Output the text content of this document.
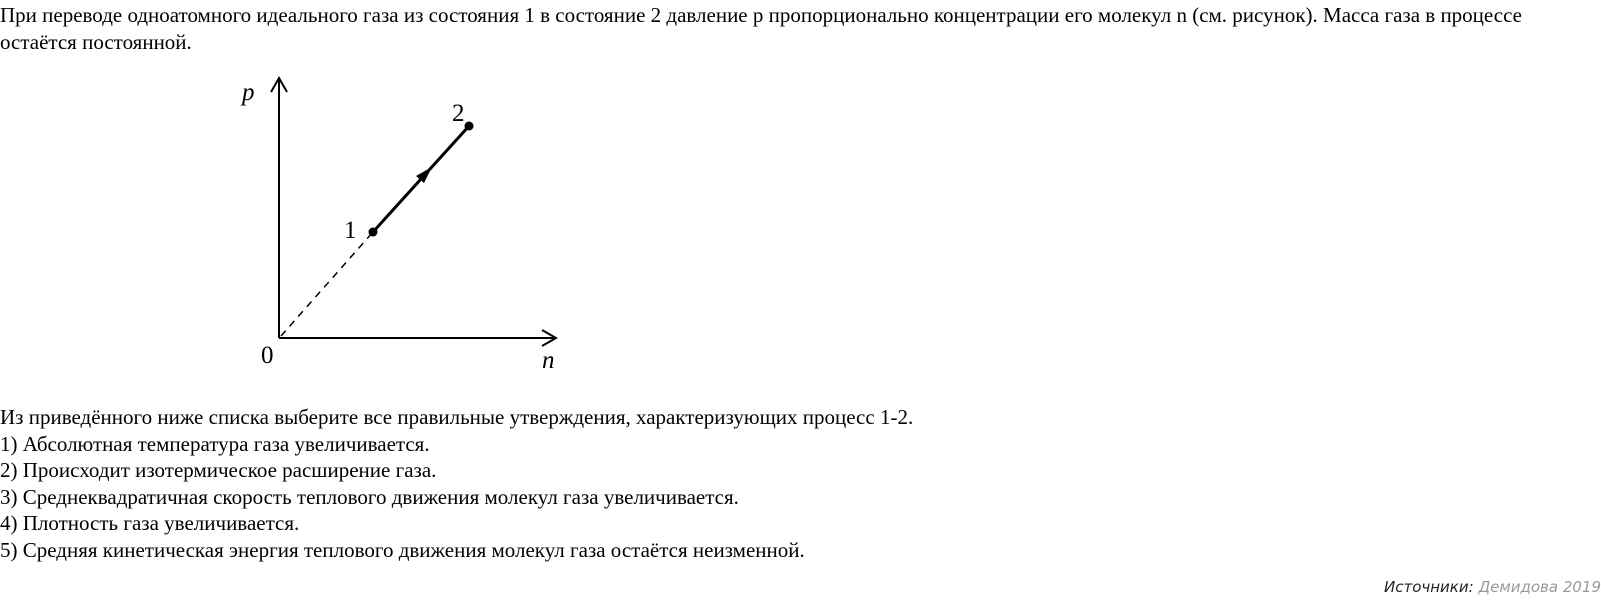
При переводе одноатомного идеального газа из состояния 1 в состояние 2 давление p пропорционально концентрации его молекул n (см. рисунок). Масса газа в процессе остаётся постоянной.

p
n
0
1
2
Из приведённого ниже списка выберите все правильные утверждения, характеризующих процесс 1-2.
1) Абсолютная температура газа увеличивается.
2) Происходит изотермическое расширение газа.
3) Среднеквадратичная скорость теплового движения молекул газа увеличивается.
4) Плотность газа увеличивается.
5) Средняя кинетическая энергия теплового движения молекул газа остаётся неизменной.
Источники: Демидова 2019
